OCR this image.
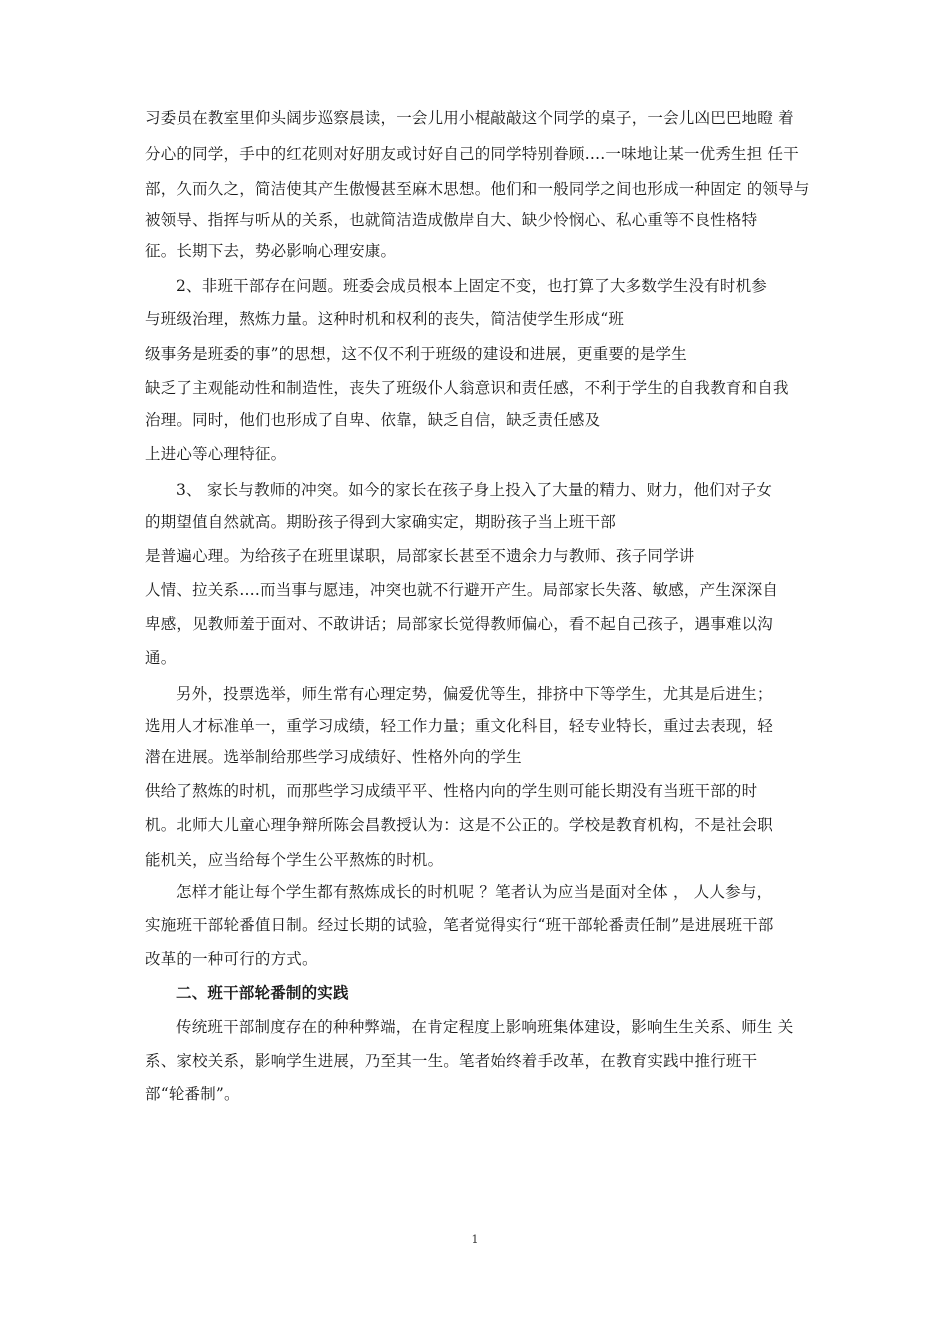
习委员在教室里仰头阔步巡察晨读，一会儿用小棍敲敲这个同学的桌子，一会儿凶巴巴地瞪 着
分心的同学，手中的红花则对好朋友或讨好自己的同学特别眷顾….一味地让某一优秀生担 任干
部，久而久之，简洁使其产生傲慢甚至麻木思想。他们和一般同学之间也形成一种固定 的领导与
被领导、指挥与听从的关系，也就简洁造成傲岸自大、缺少怜悯心、私心重等不良性格特
征。长期下去，势必影响心理安康。
2、非班干部存在问题。班委会成员根本上固定不变，也打算了大多数学生没有时机参
与班级治理，熬炼力量。这种时机和权利的丧失，简洁使学生形成“班
级事务是班委的事”的思想，这不仅不利于班级的建设和进展，更重要的是学生
缺乏了主观能动性和制造性，丧失了班级仆人翁意识和责任感，不利于学生的自我教育和自我
治理。同时，他们也形成了自卑、依靠，缺乏自信，缺乏责任感及
上进心等心理特征。
3、 家长与教师的冲突。如今的家长在孩子身上投入了大量的精力、财力，他们对子女
的期望值自然就高。期盼孩子得到大家确实定，期盼孩子当上班干部
是普遍心理。为给孩子在班里谋职，局部家长甚至不遗余力与教师、孩子同学讲
人情、拉关系….而当事与愿违，冲突也就不行避开产生。局部家长失落、敏感，产生深深自
卑感，见教师羞于面对、不敢讲话；局部家长觉得教师偏心，看不起自己孩子，遇事难以沟
通。
另外，投票选举，师生常有心理定势，偏爱优等生，排挤中下等学生，尤其是后进生；
选用人才标准单一，重学习成绩，轻工作力量；重文化科目，轻专业特长，重过去表现，轻
潜在进展。选举制给那些学习成绩好、性格外向的学生
供给了熬炼的时机，而那些学习成绩平平、性格内向的学生则可能长期没有当班干部的时
机。北师大儿童心理争辩所陈会昌教授认为：这是不公正的。学校是教育机构，不是社会职
能机关，应当给每个学生公平熬炼的时机。
怎样才能让每个学生都有熬炼成长的时机呢 ？笔者认为应当是面对全体 ， 人人参与，
实施班干部轮番值日制。经过长期的试验，笔者觉得实行“班干部轮番责任制”是进展班干部
改革的一种可行的方式。
二、班干部轮番制的实践
传统班干部制度存在的种种弊端，在肯定程度上影响班集体建设，影响生生关系、师生 关
系、家校关系，影响学生进展，乃至其一生。笔者始终着手改革，在教育实践中推行班干
部“轮番制”。
1
